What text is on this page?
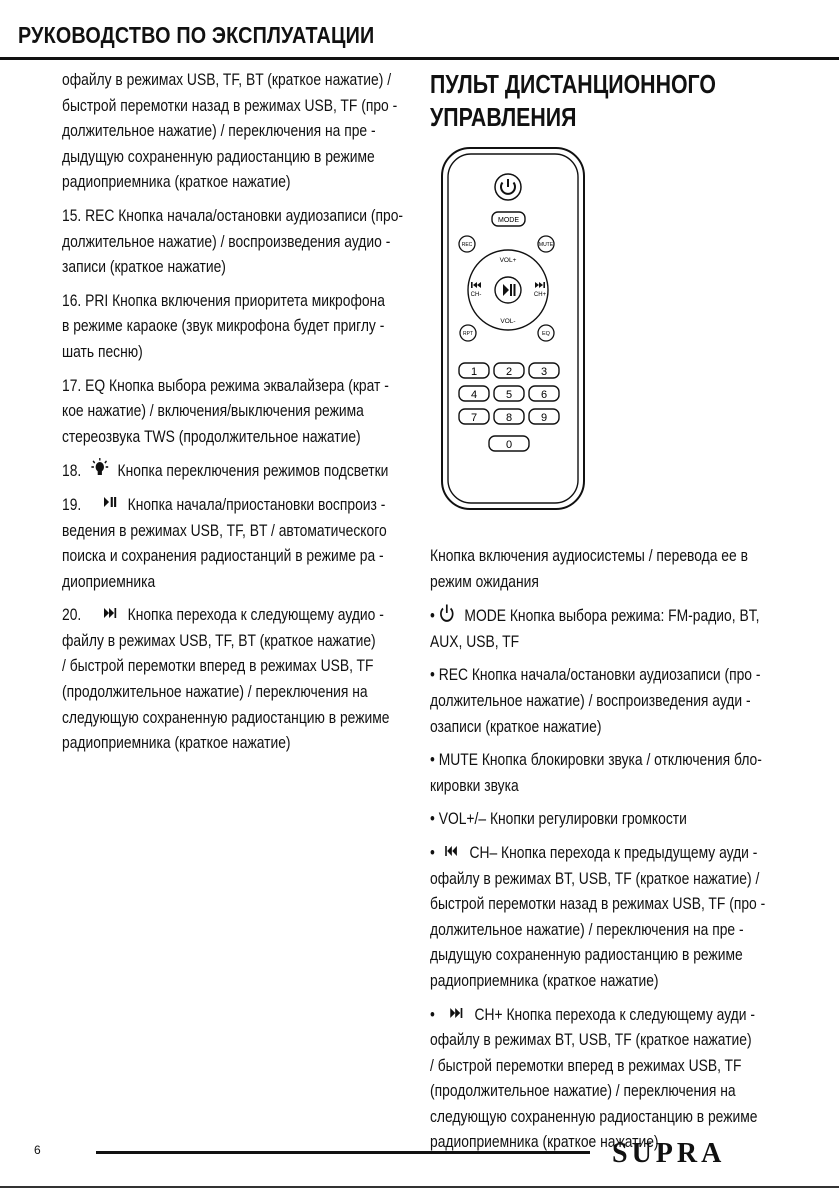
РУКОВОДСТВО ПО ЭКСПЛУАТАЦИИ
офайлу в режимах USB, TF, BT (краткое нажатие) /
быстрой перемотки назад в режимах USB, TF (про -
должительное нажатие) / переключения на пре -
дыдущую сохраненную радиостанцию в режиме
радиоприемника (краткое нажатие)
15. REC Кнопка начала/остановки аудиозаписи (про-
должительное нажатие) / воспроизведения аудио -
записи (краткое нажатие)
16. PRI Кнопка включения приоритета микрофона
в режиме караоке (звук микрофона будет приглу -
шать песню)
17. EQ Кнопка выбора режима эквалайзера (крат -
кое нажатие) / включения/выключения режима
стереозвука TWS (продолжительное нажатие)
18. Кнопка переключения режимов подсветки
19.	Кнопка начала/приостановки воспроиз -
ведения в режимах USB, TF, BT / автоматического
поиска и сохранения радиостанций в режиме ра -
диоприемника
20.	Кнопка перехода к следующему аудио -
файлу в режимах USB, TF, BT (краткое нажатие)
/ быстрой перемотки вперед в режимах USB, TF
(продолжительное нажатие) / переключения на
следующую сохраненную радиостанцию в режиме
радиоприемника (краткое нажатие)
ПУЛЬТ ДИСТАНЦИОННОГО
УПРАВЛЕНИЯ
MODE
REC	MUTE
VOL+
VOL-
CH-	CH+
RPT	EQ
1	2	3
4	5	6
7	8	9
0
Кнопка включения аудиосистемы / перевода ее в
режим ожидания
•  MODE Кнопка выбора режима: FM-радио, BT,
AUX, USB, TF
• REC Кнопка начала/остановки аудиозаписи (про -
должительное нажатие) / воспроизведения ауди -
озаписи (краткое нажатие)
• MUTE Кнопка блокировки звука / отключения бло-
кировки звука
• VOL+/– Кнопки регулировки громкости
•  CH– Кнопка перехода к предыдущему ауди -
офайлу в режимах BT, USB, TF (краткое нажатие) /
быстрой перемотки назад в режимах USB, TF (про -
должительное нажатие) / переключения на пре -
дыдущую сохраненную радиостанцию в режиме
радиоприемника (краткое нажатие)
•  CH+ Кнопка перехода к следующему ауди -
офайлу в режимах BT, USB, TF (краткое нажатие)
/ быстрой перемотки вперед в режимах USB, TF
(продолжительное нажатие) / переключения на
следующую сохраненную радиостанцию в режиме
радиоприемника (краткое нажатие)
6	SUPRA
